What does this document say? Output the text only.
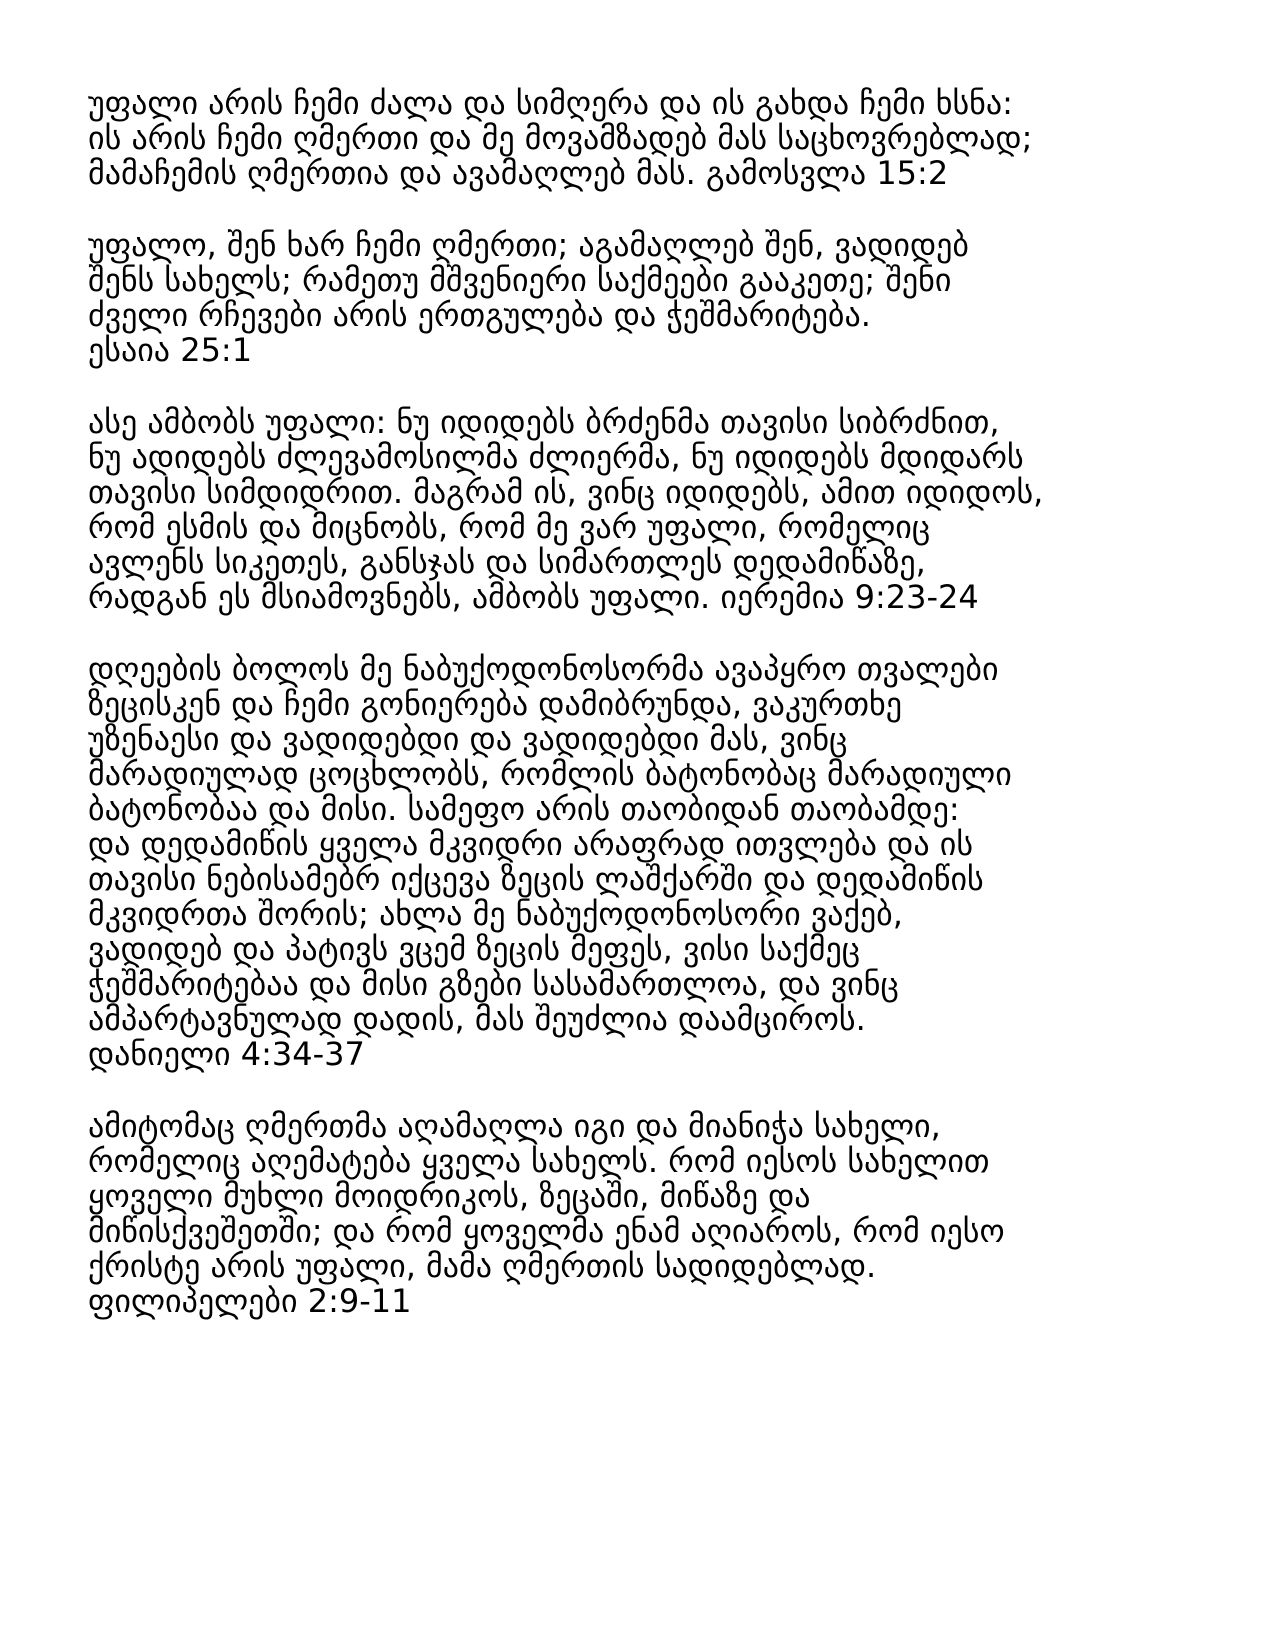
უფალი არის ჩემი ძალა და სიმღერა და ის გახდა ჩემი ხსნა:
ის არის ჩემი ღმერთი და მე მოვამზადებ მას საცხოვრებლად;
მამაჩემის ღმერთია და ავამაღლებ მას. გამოსვლა 15:2
უფალო, შენ ხარ ჩემი ღმერთი; აგამაღლებ შენ, ვადიდებ
შენს სახელს; რამეთუ მშვენიერი საქმეები გააკეთე; შენი
ძველი რჩევები არის ერთგულება და ჭეშმარიტება.
ესაია 25:1
ასე ამბობს უფალი: ნუ იდიდებს ბრძენმა თავისი სიბრძნით,
ნუ ადიდებს ძლევამოსილმა ძლიერმა, ნუ იდიდებს მდიდარს
თავისი სიმდიდრით. მაგრამ ის, ვინც იდიდებს, ამით იდიდოს,
რომ ესმის და მიცნობს, რომ მე ვარ უფალი, რომელიც
ავლენს სიკეთეს, განსჯას და სიმართლეს დედამიწაზე,
რადგან ეს მსიამოვნებს, ამბობს უფალი. იერემია 9:23-24
დღეების ბოლოს მე ნაბუქოდონოსორმა ავაპყრო თვალები
ზეცისკენ და ჩემი გონიერება დამიბრუნდა, ვაკურთხე
უზენაესი და ვადიდებდი და ვადიდებდი მას, ვინც
მარადიულად ცოცხლობს, რომლის ბატონობაც მარადიული
ბატონობაა და მისი. სამეფო არის თაობიდან თაობამდე:
და დედამიწის ყველა მკვიდრი არაფრად ითვლება და ის
თავისი ნებისამებრ იქცევა ზეცის ლაშქარში და დედამიწის
მკვიდრთა შორის; ახლა მე ნაბუქოდონოსორი ვაქებ,
ვადიდებ და პატივს ვცემ ზეცის მეფეს, ვისი საქმეც
ჭეშმარიტებაა და მისი გზები სასამართლოა, და ვინც
ამპარტავნულად დადის, მას შეუძლია დაამციროს.
დანიელი 4:34-37
ამიტომაც ღმერთმა აღამაღლა იგი და მიანიჭა სახელი,
რომელიც აღემატება ყველა სახელს. რომ იესოს სახელით
ყოველი მუხლი მოიდრიკოს, ზეცაში, მიწაზე და
მიწისქვეშეთში; და რომ ყოველმა ენამ აღიაროს, რომ იესო
ქრისტე არის უფალი, მამა ღმერთის სადიდებლად.
ფილიპელები 2:9-11
